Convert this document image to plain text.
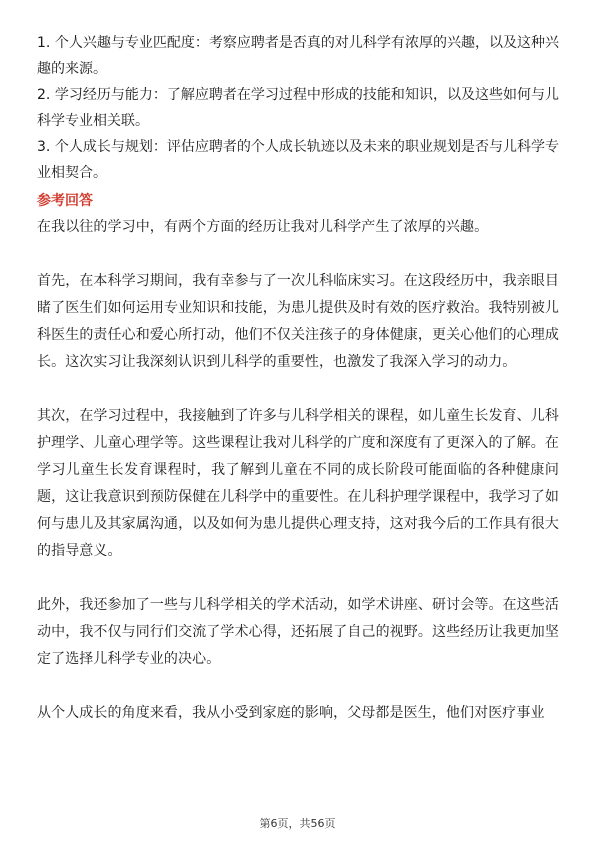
1. 个人兴趣与专业匹配度：考察应聘者是否真的对儿科学有浓厚的兴趣，以及这种兴趣的来源。

2. 学习经历与能力：了解应聘者在学习过程中形成的技能和知识，以及这些如何与儿科学专业相关联。

3. 个人成长与规划：评估应聘者的个人成长轨迹以及未来的职业规划是否与儿科学专业相契合。

参考回答

在我以往的学习中，有两个方面的经历让我对儿科学产生了浓厚的兴趣。

首先，在本科学习期间，我有幸参与了一次儿科临床实习。在这段经历中，我亲眼目睹了医生们如何运用专业知识和技能，为患儿提供及时有效的医疗救治。我特别被儿科医生的责任心和爱心所打动，他们不仅关注孩子的身体健康，更关心他们的心理成长。这次实习让我深刻认识到儿科学的重要性，也激发了我深入学习的动力。

其次，在学习过程中，我接触到了许多与儿科学相关的课程，如儿童生长发育、儿科护理学、儿童心理学等。这些课程让我对儿科学的广度和深度有了更深入的了解。在学习儿童生长发育课程时，我了解到儿童在不同的成长阶段可能面临的各种健康问题，这让我意识到预防保健在儿科学中的重要性。在儿科护理学课程中，我学习了如何与患儿及其家属沟通，以及如何为患儿提供心理支持，这对我今后的工作具有很大的指导意义。

此外，我还参加了一些与儿科学相关的学术活动，如学术讲座、研讨会等。在这些活动中，我不仅与同行们交流了学术心得，还拓展了自己的视野。这些经历让我更加坚定了选择儿科学专业的决心。

从个人成长的角度来看，我从小受到家庭的影响，父母都是医生，他们对医疗事业

第6页，共56页
